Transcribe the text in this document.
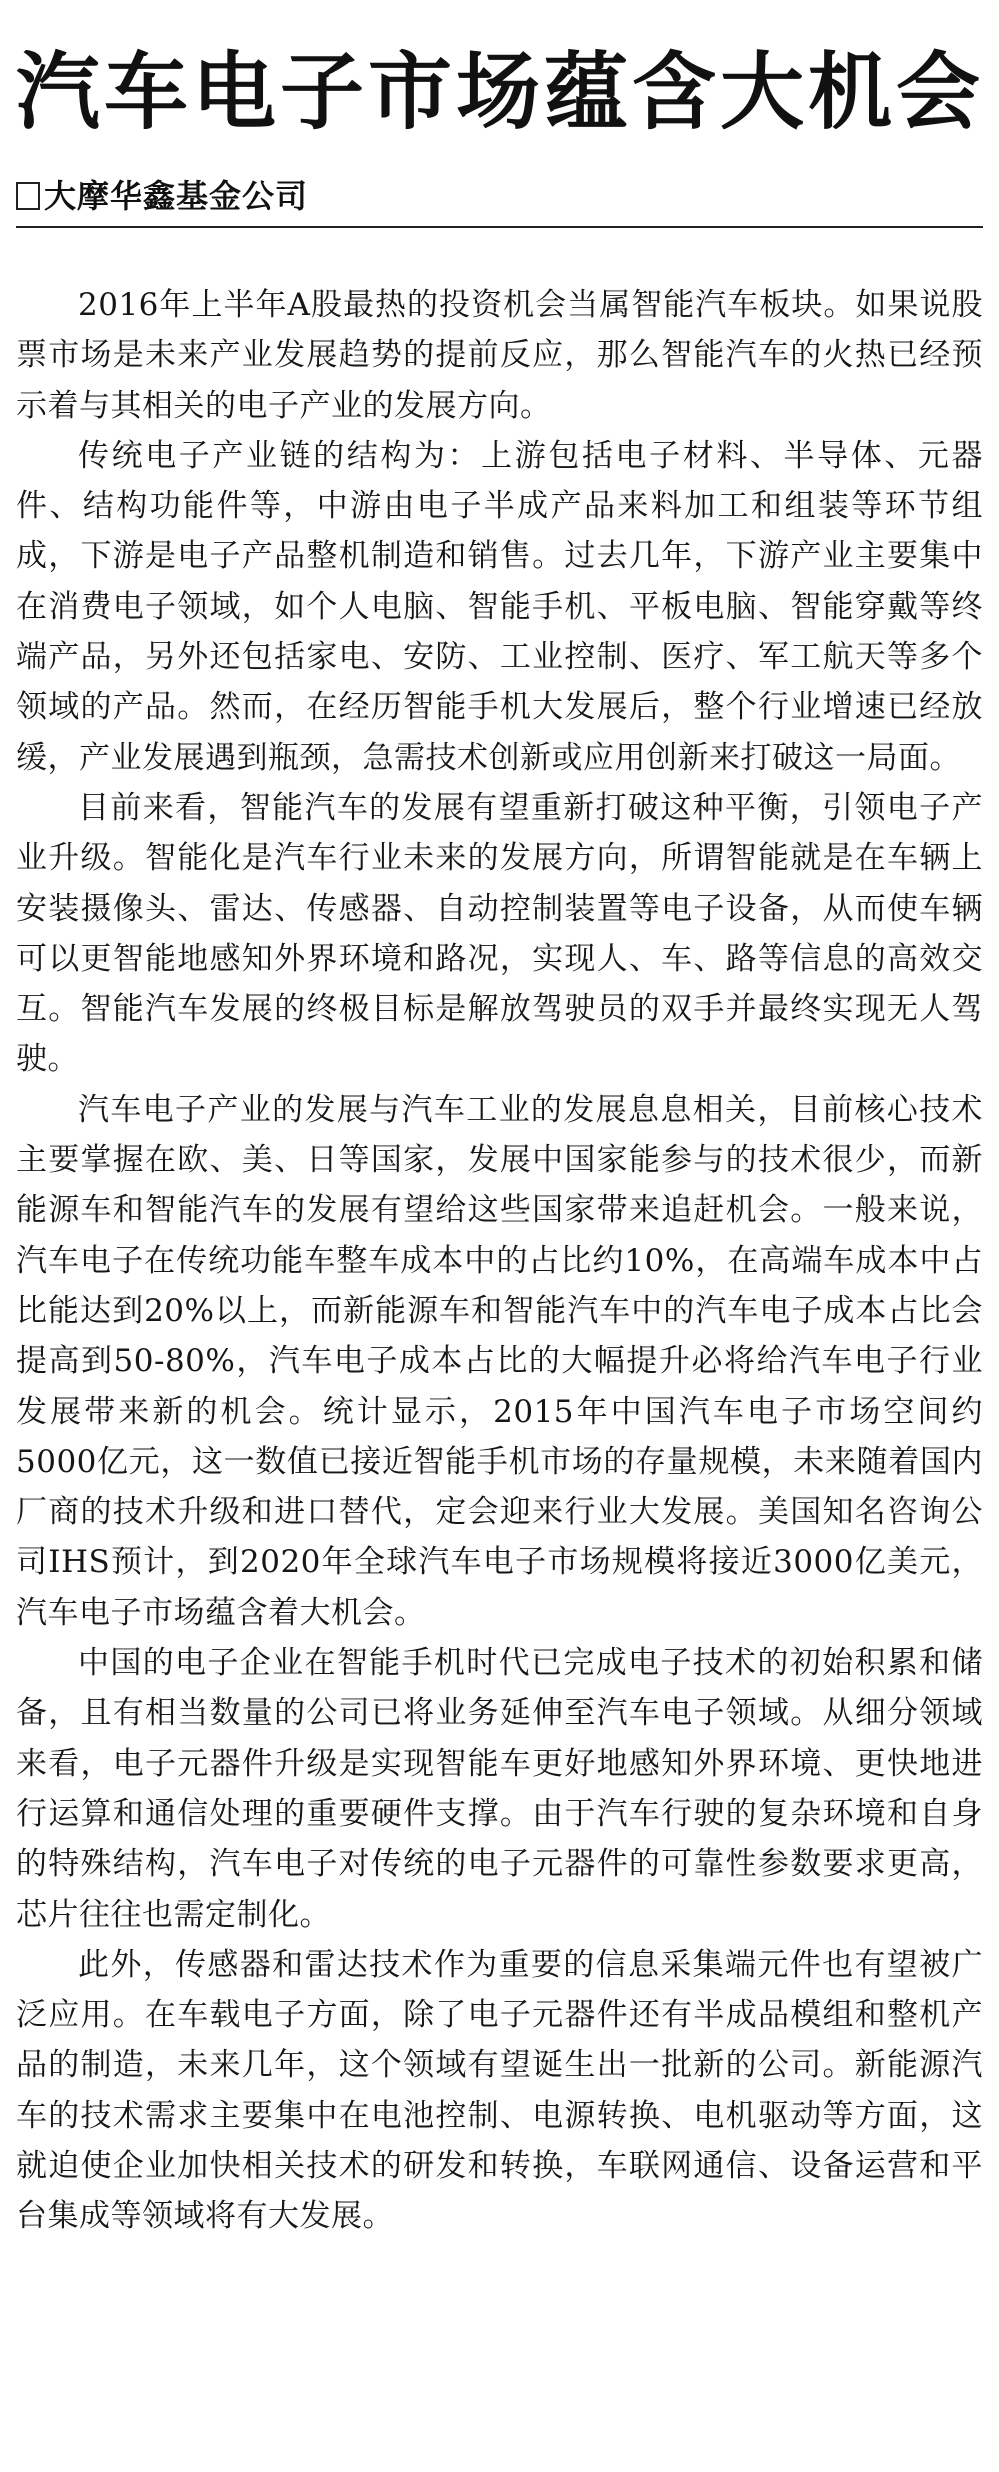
汽车电子市场蕴含大机会
大摩华鑫基金公司

2016年上半年A股最热的投资机会当属智能汽车板块。如果说股票市场是未来产业发展趋势的提前反应，那么智能汽车的火热已经预示着与其相关的电子产业的发展方向。

传统电子产业链的结构为：上游包括电子材料、半导体、元器件、结构功能件等，中游由电子半成产品来料加工和组装等环节组成，下游是电子产品整机制造和销售。过去几年，下游产业主要集中在消费电子领域，如个人电脑、智能手机、平板电脑、智能穿戴等终端产品，另外还包括家电、安防、工业控制、医疗、军工航天等多个领域的产品。然而，在经历智能手机大发展后，整个行业增速已经放缓，产业发展遇到瓶颈，急需技术创新或应用创新来打破这一局面。

目前来看，智能汽车的发展有望重新打破这种平衡，引领电子产业升级。智能化是汽车行业未来的发展方向，所谓智能就是在车辆上安装摄像头、雷达、传感器、自动控制装置等电子设备，从而使车辆可以更智能地感知外界环境和路况，实现人、车、路等信息的高效交互。智能汽车发展的终极目标是解放驾驶员的双手并最终实现无人驾驶。

汽车电子产业的发展与汽车工业的发展息息相关，目前核心技术主要掌握在欧、美、日等国家，发展中国家能参与的技术很少，而新能源车和智能汽车的发展有望给这些国家带来追赶机会。一般来说，汽车电子在传统功能车整车成本中的占比约10%，在高端车成本中占比能达到20%以上，而新能源车和智能汽车中的汽车电子成本占比会提高到50-80%，汽车电子成本占比的大幅提升必将给汽车电子行业发展带来新的机会。统计显示，2015年中国汽车电子市场空间约5000亿元，这一数值已接近智能手机市场的存量规模，未来随着国内厂商的技术升级和进口替代，定会迎来行业大发展。美国知名咨询公司IHS预计，到2020年全球汽车电子市场规模将接近3000亿美元，汽车电子市场蕴含着大机会。

中国的电子企业在智能手机时代已完成电子技术的初始积累和储备，且有相当数量的公司已将业务延伸至汽车电子领域。从细分领域来看，电子元器件升级是实现智能车更好地感知外界环境、更快地进行运算和通信处理的重要硬件支撑。由于汽车行驶的复杂环境和自身的特殊结构，汽车电子对传统的电子元器件的可靠性参数要求更高，芯片往往也需定制化。

此外，传感器和雷达技术作为重要的信息采集端元件也有望被广泛应用。在车载电子方面，除了电子元器件还有半成品模组和整机产品的制造，未来几年，这个领域有望诞生出一批新的公司。新能源汽车的技术需求主要集中在电池控制、电源转换、电机驱动等方面，这就迫使企业加快相关技术的研发和转换，车联网通信、设备运营和平台集成等领域将有大发展。
